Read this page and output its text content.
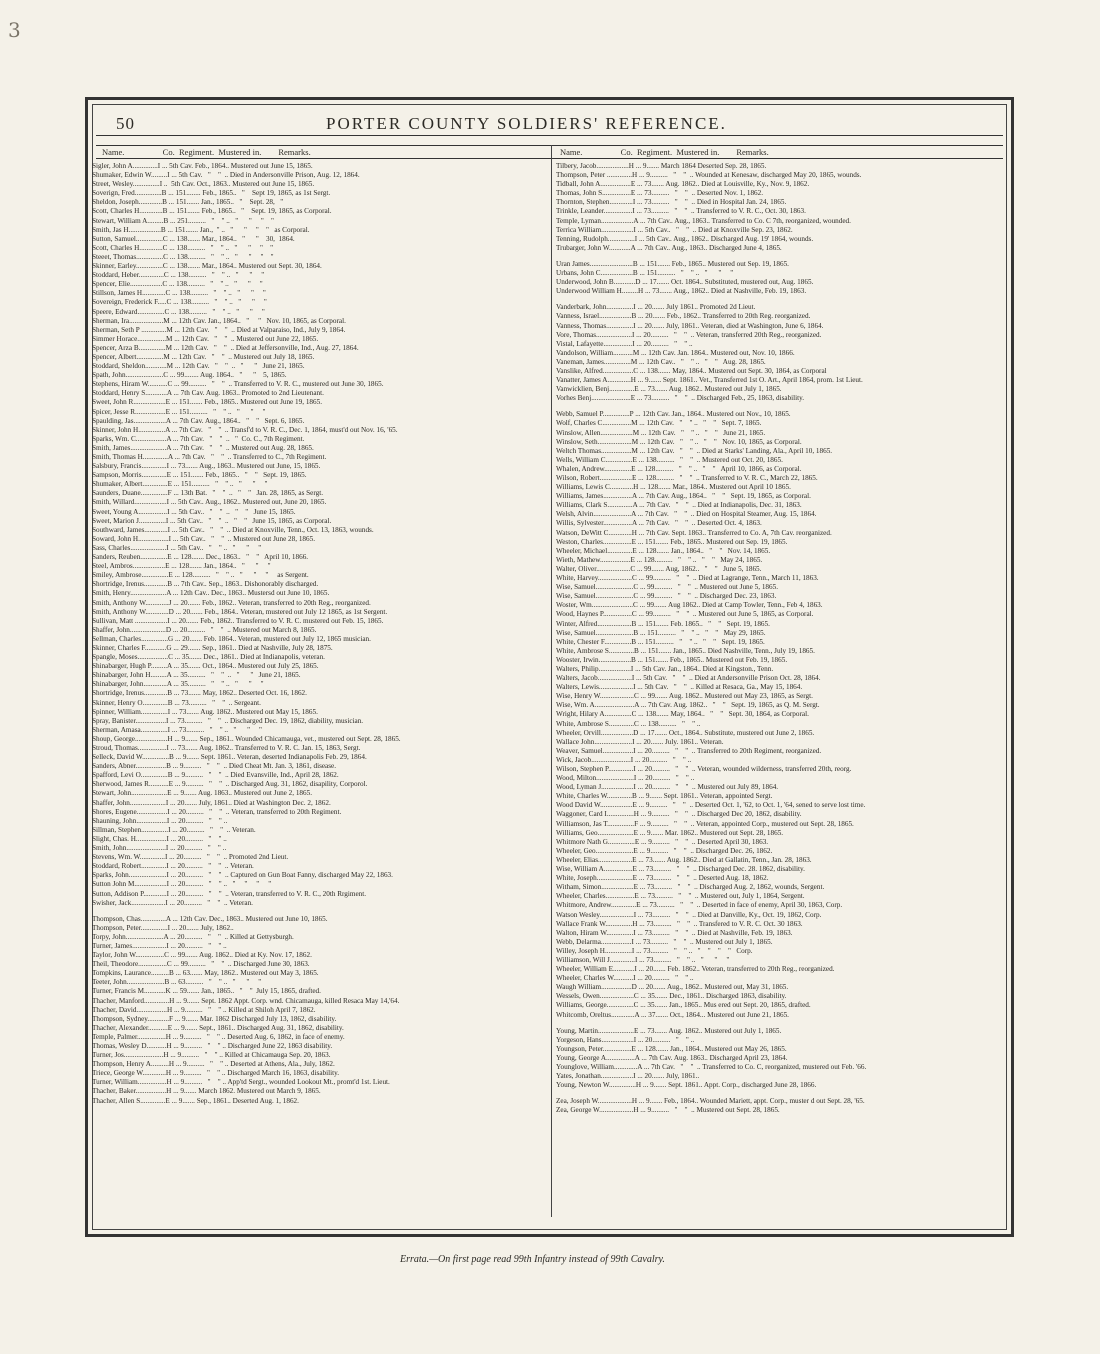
3
50	PORTER COUNTY SOLDIERS' REFERENCE.
Name.                  Co.  Regiment.  Mustered in.        Remarks.	Name.                  Co.  Regiment.  Mustered in.        Remarks.
Sigler, John A..............I ... 5th Cav. Feb., 1864.. Mustered out June 15, 1865.
Shumaker, Edwin W.........I ... 5th Cav.   "    "  .. Died in Andersonville Prison, Aug. 12, 1864.
Street, Wesley...............I ..  5th Cav. Oct., 1863.. Mustered out June 15, 1865.
Soverign, Fred...............B ... 151........ Feb., 1865..   "    Sept 19, 1865, as 1st Sergt.
Sheldon, Joseph.............B ... 151....... Jan., 1865..   "    Sept. 28,   "
Scott, Charles H.............B ... 151....... Feb., 1865..   "    Sept. 19, 1865, as Corporal.
Stewart, William A.........B ... 251..........   "    " ..   "      "     "    "
Smith, Jas H..................B ... 151....... Jan.,  " ..   "      "     "    "   as Corporal.
Sutton, Samuel...............C ... 138....... Mar., 1864..   "      "    30,  1864.
Scott, Charles H.............C ... 138..........   "    " ..   "      "     "    "
Steeet, Thomas...............C ... 138..........   "    " ..   "      "     "    "
Skinner, Earley...............C ... 138....... Mar., 1864.. Mustered out Sept. 30, 1864.
Stoddard, Heber..............C ... 138..........   "    " ..   "      "     "
Spencer, Elie..................C ... 138..........   "    " ..   "      "     "
Stillson, James H.............C ... 138..........   "    " ..   "      "     "
Sovereign, Frederick F.....C ... 138..........   "    " ..   "      "     "
Speere, Edward...............C ... 138..........   "    " ..   "      "     "
Sherman, Ira...................M ... 12th Cav. Jan., 1864..   "     "   Nov. 10, 1865, as Corporal.
Sherman, Seth P ..............M ... 12th Cav.   "    "  .. Died at Valparaiso, Ind., July 9, 1864.
Simmer Horace................M ... 12th Cav.   "    "  .. Mustered out June 22, 1865.
Spencer, Arza B...............M ... 12th Cav.   "    "  .. Died at Jeffersonville, Ind., Aug. 27, 1864.
Spencer, Albert...............M ... 12th Cav.   "    "  .. Mustered out July 18, 1865.
Stoddard, Sheldon............M ... 12th Cav.   "    "  ..   "      "   June 21, 1865.
Spath, John.....................C ... 99........ Aug. 1864..   "      "    5, 1865.
Stephens, Hiram W...........C ... 99..........   "    "  .. Transferred to V. R. C., mustered out June 30, 1865.
Stoddard, Henry S............A ... 7th Cav. Aug. 1863.. Promoted to 2nd Lieutenant.
Sweet, John R..................E ... 151....... Feb., 1865.. Mustered out June 19, 1865.
Spicer, Jesse R.................E ... 151..........   "    " ..   "      "     "
Spaulding, Jas..................A ... 7th Cav. Aug., 1864..   "    "   Sept. 6, 1865.
Skinner, John H...............A ... 7th Cav.   "    "  .. Transf'd to V. R. C., Dec. 1, 1864, must'd out Nov. 16, '65.
Sparks, Wm. C.................A ... 7th Cav.   "    "  ..   "  Co. C., 7th Regiment.
Smith, James....................A ... 7th Cav.   "    "  .. Mustered out Aug. 28, 1865.
Smith, Thomas H..............A ... 7th Cav.   "    "  .. Transferred to C., 7th Regiment.
Salsbury, Francis..............I ... 73....... Aug., 1863.. Mustered out June, 15, 1865.
Sampson, Morris..............E ... 151....... Feb., 1865..   "    "   Sept. 19, 1865.
Shumaker, Albert..............E ... 151..........   "    " ..   "      "     "
Saunders, Duane...............F ... 13th Bat.   "    "  ..   "    "   Jan. 28, 1865, as Sergt.
Smith, Willard..................I ... 5th Cav.. Aug., 1862.. Mustered out, June 20, 1865.
Sweet, Young A................I ... 5th Cav..   "    "  ..   "    "   June 15, 1865.
Sweet, Marion J...............I ... 5th Cav..   "    "  ..   "    "   June 15, 1865, as Corporal.
Southward, James.............I ... 5th Cav..   "    "  .. Died at Knoxville, Tenn., Oct. 13, 1863, wounds.
Soward, John H.................I ... 5th Cav..   "    "  .. Mustered out June 28, 1865.
Sass, Charles....................I ... 5th Cav..   "    " ..   "      "     "
Sanders, Reuben...............E ... 128....... Dec., 1863..   "    "   April 10, 1866.
Steel, Ambros..................E ... 128....... Jan., 1864..   "      "     "
Smiley, Ambrose...............E ... 128..........   "    " ..   "      "     "     as Sergent.
Shortridge, Irenus.............B ... 7th Cav.. Sep., 1863.. Dishonorably discharged.
Smith, Henry....................A ... 12th Cav.. Dec., 1863.. Mustersd out June 10, 1865.
Smith, Anthony W.............J ... 20....... Feb., 1862.. Veteran, transferred to 20th Reg., reorganized.
Smith, Anthony W.............D ... 20....... Feb., 1864.. Veteran, mustered out July 12 1865, as 1st Sergent.
Sullivan, Matt ..................I ... 20....... Feb., 1862.. Transferred to V. R. C. mustered out Feb. 15, 1865.
Shaffer, John....................D ... 20..........   "    "  .. Mustered out March 8, 1865.
Sellman, Charles...............G ... 20....... Feb. 1864.. Veteran, mustered out July 12, 1865 musician.
Skinner, Charles F............G ... 29....... Sep., 1861.. Died at Nashville, July 28, 1875.
Spangle, Moses.................C ... 35....... Dec., 1861.. Died at Indianapolis, veteran.
Shinabarger, Hugh P.........A ... 35....... Oct., 1864.. Mustered out July 25, 1865.
Shinabarger, John H.........A ... 35..........   "    "  ..   "      "   June 21, 1865.
Shinabarger, John.............A ... 35..........   "    " ..   "      "     "
Shortridge, Irenus.............B ... 73....... May, 1862.. Deserted Oct. 16, 1862.
Skinner, Henry O..............B ... 73..........   "    "  .. Sergeant.
Spinner, William...............I ... 73....... Aug. 1862.. Mustered out May 15, 1865.
Spray, Banister.................I ... 73..........   "    "  .. Discharged Dec. 19, 1862, diability, musician.
Sherman, Amasa...............I ... 73..........   "    " ..   "      "     "
Shoup, George..................H ... 9....... Sep., 1861.. Wounded Chicamauga, vet., mustered out Sept. 28, 1865.
Stroud, Thomas................I ... 73....... Aug. 1862.. Transferred to V. R. C. Jan. 15, 1863, Sergt.
Selleck, David W...............B ... 9....... Sept. 1861.. Veteran, deserted Indianapolis Feb. 29, 1864.
Sanders, Abner.................B ... 9..........   "    "  .. Died Cheat Mt. Jan. 3, 1861, disease.
Spafford, Levi O...............B ... 9..........   "    "  .. Died Evansville, Ind., April 28, 1862.
Sherwood, James R...........E ... 9..........   "    "  .. Discharged Aug. 31, 1862, disapility, Corporol.
Stewart, John....................E ... 9....... Aug. 1863.. Mustered out June 2, 1865.
Shaffer, John....................I ... 20....... July, 1861.. Died at Washington Dec. 2, 1862.
Shores, Eugene.................I ... 20..........   "    "  .. Veteran, transferred to 20th Regiment.
Shauning, John.................I ... 20..........   "    " ..
Sillman, Stephen...............I ... 20..........   "    "  .. Veteran.
Slight, Chas. H.................I ... 20..........   "    " ..
Smith, John......................I ... 20..........   "    " ..
Stevens, Wm. W..............I ... 20..........   "    "  .. Promoted 2nd Lieut.
Stoddard, Robert..............I ... 20..........   "    "  .. Veteran.
Sparks, John.....................I ... 20..........   "    "  .. Captured on Gun Boat Fanny, discharged May 22, 1863.
Sutton John M..................I ... 20..........   "    " ..   "     "     "     "
Sutton, Addison P.............I ... 20..........   "    "  .. Veteran, transferred to V. R. C., 20th Rrgiment.
Swisher, Jack...................I ... 20..........   "    "  .. Veteran.
Thompson, Chas..............A ... 12th Cav. Dec., 1863.. Mustered out June 10, 1865.
Thompson, Peter...............I ... 20....... July, 1862..
Torpy, John.....................A ... 20..........   "    "  .. Killed at Gettysburgh.
Turner, James...................I ... 20..........   "    " ..
Taylor, John W................C ... 99....... Aug. 1862.. Died at Ky. Nov. 17, 1862.
Theil, Theodore................C ... 99..........   "    "  .. Discharged June 30, 1863.
Tompkins, Laurance..........B ... 63....... May, 1862.. Mustered out May 3, 1865.
Teeter, John.....................B ... 63..........   "    " ..   "      "     "
Turner, Francis M............K ... 59....... Jan., 1865..   "    "  July 15, 1865, drafted.
Thacher, Manford..............H ... 9....... Sept. 1862 Appt. Corp. wnd. Chicamauga, killed Resaca May 14,'64.
Thacher, David.................H ... 9..........   "    " .. Killed at Shiloh April 7, 1862.
Thompson, Sydney............F ... 9....... Mar. 1862 Discharged July 13, 1862, disability.
Thacher, Alexander...........E ... 9....... Sept., 1861.. Discharged Aug. 31, 1862, disability.
Temple, Palmer................H ... 9..........   "    " .. Deserted Aug. 6, 1862, in face of enemy.
Thomas, Wesley D...........H ... 9..........   "    " .. Discharged June 22, 1863 disability.
Turner, Jos......................H ... 9..........   "    " .. Killed at Chicamauga Sep. 20, 1863.
Thompson, Henry A..........H ... 9..........   "    " .. Deserted at Athens, Ala., July, 1862.
Triece, George W.............H ... 9..........   "    " .. Discharged March 16, 1863, disability.
Turner, William................H ... 9..........   "    " .. App'td Sergt., wounded Lookout Mt., promt'd 1st. Lieut.
Thacher, Baker.................H ... 9....... March 1862. Mustered out March 9, 1865.
Thacher, Allen S..............E ... 9....... Sep., 1861.. Deserted Aug. 1, 1862.
Tilbery, Jacob..................H ... 9....... March 1864 Deserted Sep. 28, 1865.
Thompson, Peter ..............H ... 9..........   "    "  .. Wounded at Kenesaw, discharged May 20, 1865, wounds.
Tidball, John A.................E ... 73....... Aug. 1862.. Died at Louisville, Ky., Nov. 9, 1862.
Thomas, John S................E ... 73..........   "    "  .. Deserted Nov. 1, 1862.
Thornton, Stephen.............I ... 73..........   "    "  .. Died in Hospital Jan. 24, 1865.
Trinkle, Leander................I ... 73..........   "    "  .. Transferred to V. R. C., Oct. 30, 1863.
Temple, Lyman..................A ... 7th Cav.. Aug., 1863.. Transferred to Co. C 7th, reorganized, wounded.
Terrica William..................I ... 5th Cav..   "    "  .. Died at Knoxville Sep. 23, 1862.
Tenning, Rudolph...............I ... 5th Cav.. Aug., 1862.. Discharged Aug. 19' 1864, wounds.
Trubarger, John W............A ... 7th Cav.. Aug., 1863.. Discharged June 4, 1865.
Uran James........................B ... 151....... Feb., 1865.. Mustered out Sep. 19, 1865.
Urbans, John C..................B ... 151..........   "    " ..   "      "     "
Underwood, John B............D ... 17....... Oct. 1864.. Substituted, mustered out, Aug. 1865.
Underwood William H.........H ... 73....... Aug., 1862.. Died at Nashville, Feb. 19, 1863.
Vanderbark, John...............I ... 20....... July 1861.. Promoted 2d Lieut.
Vanness, Israel..................B ... 20....... Feb., 1862.. Transferred to 20th Reg. reorganized.
Vanness, Thomas...............I ... 20....... July, 1861.. Veteran, died at Washington, June 6, 1864.
Vore, Thomas....................I ... 20..........   "    "  .. Veteran, transferred 20th Reg., reorganized.
Vistal, Lafayette................I ... 20..........   "    " ..
Vandolson, William...........M ... 12th Cav. Jan. 1864.. Mustered out, Nov. 10, 1866.
Vaneman, James...............M ... 12th Cav..   "    " ..   "    "   Aug. 28, 1865.
Vanslike, Alfred.................C ... 138....... May, 1864.. Mustered out Sept. 30, 1864, as Corporal
Vanatter, James A.............H ... 9....... Sept. 1861.. Vet., Transferred 1st O. Art., April 1864, prom. 1st Lieut.
Vanwicklien, Benj..............E ... 73....... Aug. 1862.. Mustered out July 1, 1865.
Vorhes Benj......................E ... 73..........   "    "  .. Discharged Feb., 25, 1863, disability.
Webb, Samuel P...............P ... 12th Cav. Jan., 1864.. Mustered out Nov., 10, 1865.
Wolf, Charles C................M ... 12th Cav.   "    " ..   "    "   Sept. 7, 1865.
Winslow, Allen..................M ... 12th Cav.   "    " ..   "    "   June 21, 1865.
Winslow, Seth...................M ... 12th Cav.   "    " ..   "    "   Nov. 10, 1865, as Corporal.
Weltch Thomas.................M ... 12th Cav.   "    "  .. Died at Starks' Landing, Ala., April 10, 1865.
Wells, William C...............E ... 138..........   "    "  .. Mustered out Oct. 20, 1865.
Whalen, Andrew...............E ... 128..........   "    " ..   "    "   April 10, 1866, as Corporal.
Wilson, Robert..................E ... 128..........   "    "  .. Transferred to V. R. C., March 22, 1865.
Williams, Lewis C.............H ... 128....... Mar., 1864.. Mustered out April 10 1865.
Williams, James................A ... 7th Cav. Aug., 1864..   "    "   Sept. 19, 1865, as Corporal.
Williams, Clark S..............A ... 7th Cav.   "    "  .. Died at Indianapolis, Dec. 31, 1863.
Welsh, Alvin.....................A ... 7th Cav.   "    "  .. Died on Hospital Steamer, Aug. 15, 1864.
Willis, Sylvester................A ... 7th Cav.   "    "  .. Deserted Oct. 4, 1863.
Watson, DeWitt C.............H ... 7th Cav. Sept. 1863.. Transferred to Co. A, 7th Cav. reorganized.
Weston, Charles................E ... 151....... Feb., 1865.. Mustered out Sep. 19, 1865.
Wheeler, Michael..............E ... 128....... Jan., 1864..   "    "   Nov. 14, 1865.
Wieth, Mathew.................E ... 128..........   "    " ..   "    "   May 24, 1865.
Walter, Oliver...................C ... 99....... Aug, 1862..   "    "   June 5, 1865.
White, Harvey...................C ... 99..........   "    "  .. Died at Lagrange, Tenn., March 11, 1863.
Wise, Samuel.....................C ... 99..........   "    "  .. Mustered out June 5, 1865.
Wise, Samuel.....................C ... 99..........   "    "  .. Discharged Dec. 23, 1863.
Woster, Wm.......................C ... 99....... Aug 1862.. Died at Camp Towler, Tenn., Feb 4, 1863.
Wood, Haynes P................C ... 99..........   "    "  .. Mustered out June 5, 1865, as Corporal.
Winter, Alfred...................B ... 151....... Feb. 1865..   "    "   Sept. 19, 1865.
Wise, Samuel.....................B ... 151..........   "    " ..   "    "   May 29, 1865.
White, Chester F...............B ... 151..........   "    " ..   "    "   Sept. 19, 1865.
White, Ambrose S..............B ... 151....... Jan., 1865.. Died Nashville, Tenn., July 19, 1865.
Wooster, Irwin..................B ... 151....... Feb., 1865.. Mustered out Feb. 19, 1865.
Walters, Philip..................I ... 5th Cav. Jan., 1864.. Died at Kingston., Tenn.
Walters, Jacob...................I ... 5th Cav.   "    "  .. Died at Andersonville Prison Oct. 28, 1864.
Walters, Lewis...................I ... 5th Cav.   "    "  .. Killed at Resaca, Ga., May 15, 1864.
Wise, Henry W...................C ... 99....... Aug. 1862.. Mustered out May 23, 1865, as Sergt.
Wise, Wm. A......................A ... 7th Cav. Aug. 1862..   "    "   Sept. 19, 1865, as Q. M. Sergt.
Wright, Hilary A...............C ... 138....... May, 1864..   "    "   Sept. 30, 1864, as Corporal.
White, Ambrose S..............C ... 138..........   "    " ..
Wheeler, Orvill..................D ... 17....... Oct., 1864.. Substitute, mustered out June 2, 1865.
Wallace John.....................I ... 20....... July. 1861.. Veteran.
Weaver, Samuel.................I ... 20..........   "    "  .. Transferred to 20th Regiment, reorganized.
Wick, Jacob......................I ... 20..........   "    " ..
Wilson, Stephen P..............I ... 20..........   "    "  .. Veteran, wounded wilderness, transferred 20th, reorg.
Wood, Milton.....................I ... 20..........   "    " ..
Wood, Lyman J..................I ... 20..........   "    "  .. Mustered out July 89, 1864.
White, Charles W..............B ... 9....... Sept. 1861.. Veteran, appointed Sergt.
Wood David W..................E ... 9..........   "    "  .. Deserted Oct. 1, '62, to Oct. 1, '64, sened to serve lost time.
Waggoner, Card I...............H ... 9..........   "    "  .. Discharged Dec 20, 1862, disability.
Williamson, Jas T...............F ... 9..........   "    "  .. Veteran, appointed Corp., mustered out Sept. 28, 1865.
Williams, Geo....................E ... 9....... Mar. 1862.. Mustered out Sept. 28, 1865.
Whitmore Nath G...............E ... 9..........   "    "  .. Deserted April 30, 1863.
Wheeler, Geo.....................E ... 9..........   "    "  .. Discharged Dec. 26, 1862.
Wheeler, Elias...................E ... 73....... Aug. 1862.. Died at Gallatin, Tenn., Jan. 28, 1863.
Wise, William A................E ... 73..........   "    "  .. Discharged Dec. 28. 1862, disability.
White, Joseph....................E ... 73..........   "    "  .. Deserted Aug. 18, 1862.
Witham, Simon..................E ... 73..........   "    "  .. Discharged Aug. 2, 1862, wounds, Sergent.
Wheeler, Charles................E ... 73..........   "    "  .. Mustered out, July 1, 1864, Sergent.
Whitmore, Andrew..............E ... 73..........   "    "  .. Deserted in face of enemy, April 30, 1863, Corp.
Watson Wesley...................I ... 73..........   "    "  .. Died at Danville, Ky., Oct. 19, 1862, Corp.
Wallace Frank W...............H ... 73..........   "    "  .. Transfered to V. R. C. Oct. 30 1863.
Walton, Hiram W...............I ... 73..........   "    "  .. Died at Nashville, Feb. 19, 1863.
Webb, Delarma.................I ... 73..........   "    "  .. Mustered out July 1, 1865.
Willey, Joseph H...............I ... 73..........   "    " ..   "    "    "    "   Corp.
Williamson, Will J..............I ... 73..........   "    " ..   "      "     "
Wheeler, William E............I ... 20....... Feb. 1862.. Veteran, transferred to 20th Reg., reorganized.
Wheeler, Charles W...........I ... 20..........   "    " ..
Waugh William.................D ... 20....... Aug., 1862.. Mustered out, May 31, 1865.
Wessels, Owen...................C ... 35....... Dec., 1861.. Discharged 1863, disability.
Williams, George...............C ... 35....... Jan., 1865.. Mus ered out Sept. 20, 1865, drafted.
Whitcomb, Oreltus.............A ... 37....... Oct., 1864... Mustered out June 21, 1865.
Young, Martin....................E ... 73....... Aug. 1862.. Mustered out July 1, 1865.
Yorgeson, Hans..................I ... 20..........   "    " ..
Youngson, Peter................E ... 128....... Jan., 1864.. Mustered out May 26, 1865.
Young, George A................A ... 7th Cav. Aug. 1863.. Discharged April 23, 1864.
Younglove, William.............A ... 7th Cav.   "    "  .. Transferred to Co. C, reorganized, mustered out Feb. '66.
Yates, Jonathan..................I ... 20....... July, 1861..
Young, Newton W...............H ... 9....... Sept. 1861.. Appt. Corp., discharged June 28, 1866.
Zea, Joseph W...................H ... 9....... Feb., 1864.. Wounded Mariett, appt. Corp., muster d out Sept. 28, '65.
Zea, George W...................H ... 9..........   "    "  .. Mustered out Sept. 28, 1865.
Errata.—On first page read 99th Infantry instead of 99th Cavalry.
